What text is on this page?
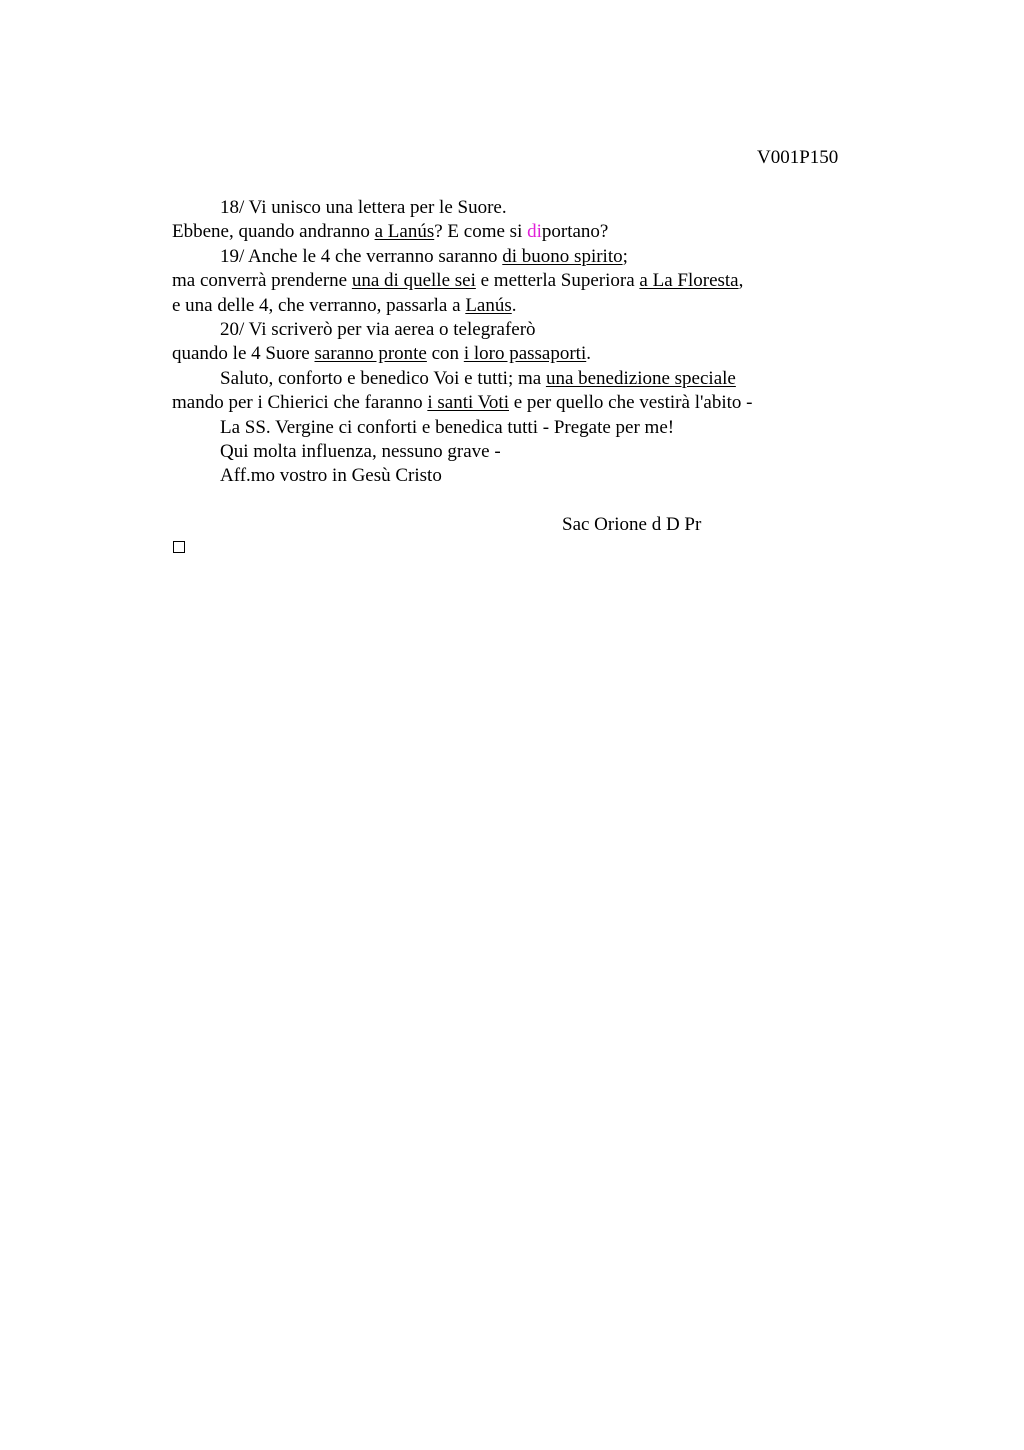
V001P150
18/ Vi unisco una lettera per le Suore.
Ebbene, quando andranno a Lanús? E come si diportano?
19/ Anche le 4 che verranno saranno di buono spirito;
ma converrà prenderne una di quelle sei e metterla Superiora a La Floresta,
e una delle 4, che verranno, passarla a Lanús.
20/ Vi scriverò per via aerea o telegraferò
quando le 4 Suore saranno pronte con i loro passaporti.
Saluto, conforto e benedico Voi e tutti; ma una benedizione speciale
mando per i Chierici che faranno i santi Voti e per quello che vestirà l'abito -
La SS. Vergine ci conforti e benedica tutti - Pregate per me!
Qui molta influenza, nessuno grave -
Aff.mo vostro in Gesù Cristo
Sac Orione d D Pr
